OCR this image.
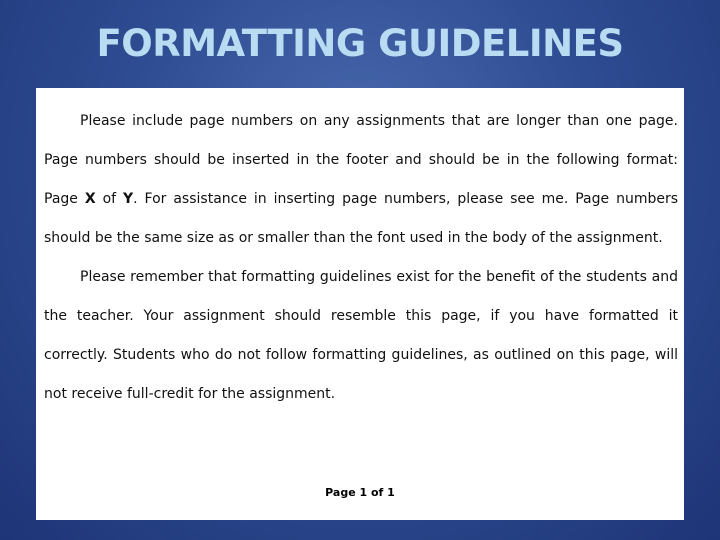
FORMATTING GUIDELINES

Please include page numbers on any assignments that are longer than one page. Page numbers should be inserted in the footer and should be in the following format: Page X of Y. For assistance in inserting page numbers, please see me. Page numbers should be the same size as or smaller than the font used in the body of the assignment.

Please remember that formatting guidelines exist for the benefit of the students and the teacher. Your assignment should resemble this page, if you have formatted it correctly. Students who do not follow formatting guidelines, as outlined on this page, will not receive full-credit for the assignment.

Page 1 of 1
